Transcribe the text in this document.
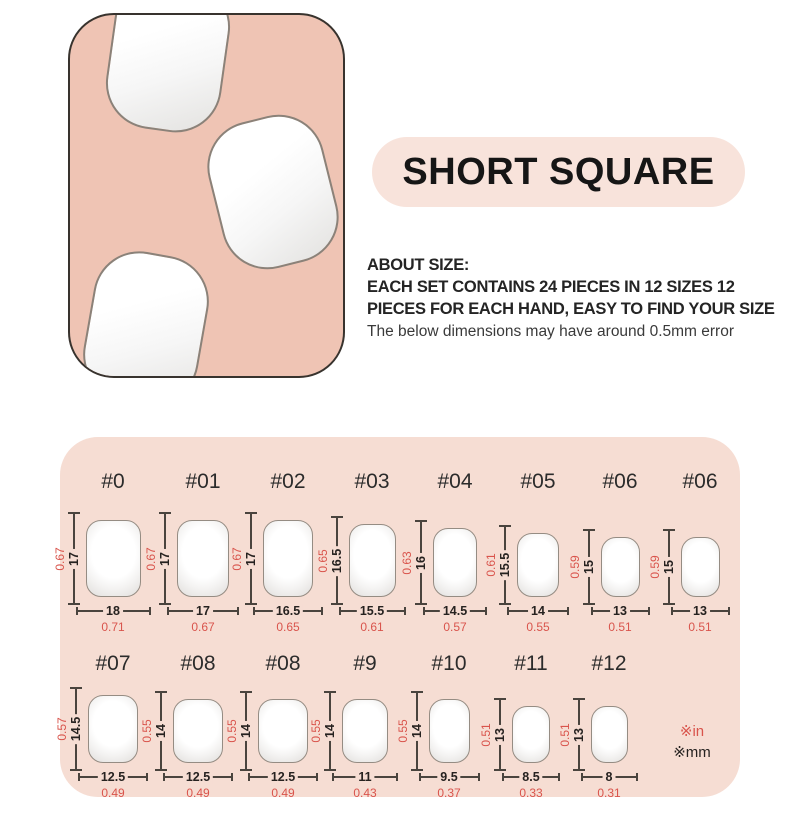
SHORT SQUARE
ABOUT SIZE:
EACH SET CONTAINS 24 PIECES IN 12 SIZES 12
PIECES FOR EACH HAND, EASY TO FIND YOUR SIZE
The below dimensions may have around 0.5mm error
※in
※mm
#0
17
0.67
18
0.71
#01
17
0.67
17
0.67
#02
17
0.67
16.5
0.65
#03
16.5
0.65
15.5
0.61
#04
16
0.63
14.5
0.57
#05
15.5
0.61
14
0.55
#06
15
0.59
13
0.51
#06
15
0.59
13
0.51
#07
14.5
0.57
12.5
0.49
#08
14
0.55
12.5
0.49
#08
14
0.55
12.5
0.49
#9
14
0.55
11
0.43
#10
14
0.55
9.5
0.37
#11
13
0.51
8.5
0.33
#12
13
0.51
8
0.31
